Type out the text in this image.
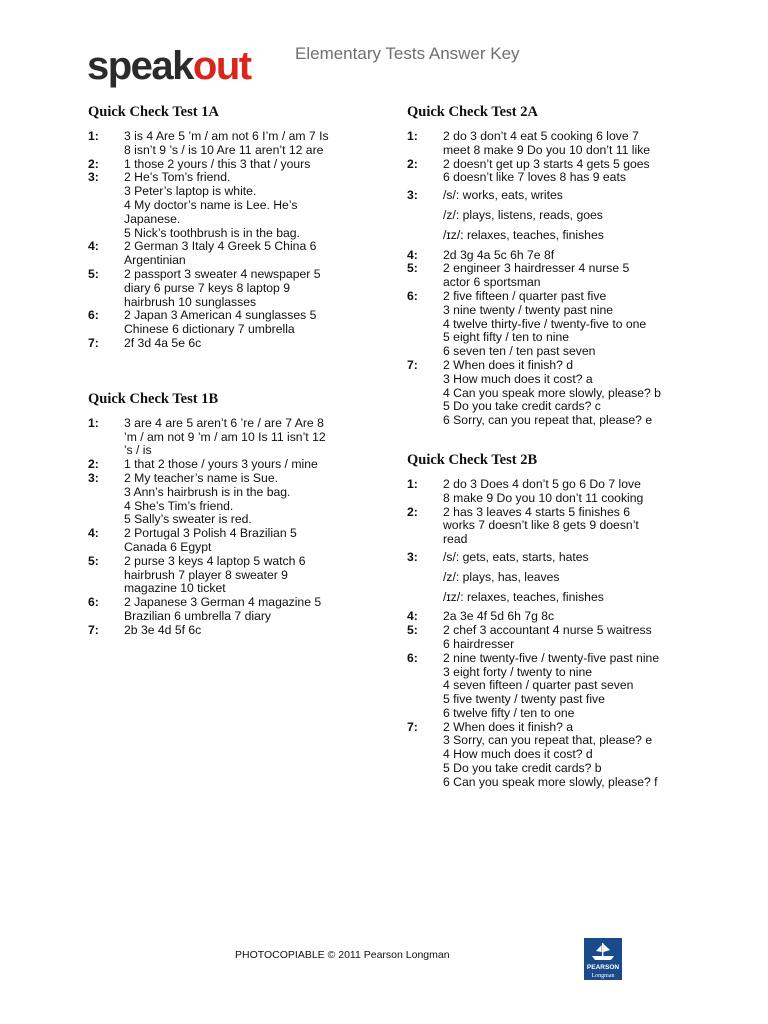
speakout	Elementary Tests Answer Key
Quick Check Test 1A
1:	3 is 4 Are 5 ’m / am not 6 I’m / am 7 Is
8 isn’t 9 ’s / is 10 Are 11 aren’t 12 are
2:	1 those 2 yours / this 3 that / yours
3:	2 He’s Tom’s friend.
3 Peter’s laptop is white.
4 My doctor’s name is Lee. He’s
Japanese.
5 Nick’s toothbrush is in the bag.
4:	2 German 3 Italy 4 Greek 5 China 6
Argentinian
5:	2 passport 3 sweater 4 newspaper 5
diary 6 purse 7 keys 8 laptop 9
hairbrush 10 sunglasses
6:	2 Japan 3 American 4 sunglasses 5
Chinese 6 dictionary 7 umbrella
7:	2f 3d 4a 5e 6c
Quick Check Test 1B
1:	3 are 4 are 5 aren’t 6 ’re / are 7 Are 8
’m / am not 9 ’m / am 10 Is 11 isn’t 12
’s / is
2:	1 that 2 those / yours 3 yours / mine
3:	2 My teacher’s name is Sue.
3 Ann’s hairbrush is in the bag.
4 She’s Tim’s friend.
5 Sally’s sweater is red.
4:	2 Portugal 3 Polish 4 Brazilian 5
Canada 6 Egypt
5:	2 purse 3 keys 4 laptop 5 watch 6
hairbrush 7 player 8 sweater 9
magazine 10 ticket
6:	2 Japanese 3 German 4 magazine 5
Brazilian 6 umbrella 7 diary
7:	2b 3e 4d 5f 6c
Quick Check Test 2A
1:	2 do 3 don’t 4 eat 5 cooking 6 love 7
meet 8 make 9 Do you 10 don’t 11 like
2:	2 doesn’t get up 3 starts 4 gets 5 goes
6 doesn’t like 7 loves 8 has 9 eats
3:	/s/: works, eats, writes
/z/: plays, listens, reads, goes
/ɪz/: relaxes, teaches, finishes
4:	2d 3g 4a 5c 6h 7e 8f
5:	2 engineer 3 hairdresser 4 nurse 5
actor 6 sportsman
6:	2 five fifteen / quarter past five
3 nine twenty / twenty past nine
4 twelve thirty-five / twenty-five to one
5 eight fifty / ten to nine
6 seven ten / ten past seven
7:	2 When does it finish? d
3 How much does it cost? a
4 Can you speak more slowly, please? b
5 Do you take credit cards? c
6 Sorry, can you repeat that, please? e
Quick Check Test 2B
1:	2 do 3 Does 4 don’t 5 go 6 Do 7 love
8 make 9 Do you 10 don’t 11 cooking
2:	2 has 3 leaves 4 starts 5 finishes 6
works 7 doesn’t like 8 gets 9 doesn’t
read
3:	/s/: gets, eats, starts, hates
/z/: plays, has, leaves
/ɪz/: relaxes, teaches, finishes
4:	2a 3e 4f 5d 6h 7g 8c
5:	2 chef 3 accountant 4 nurse 5 waitress
6 hairdresser
6:	2 nine twenty-five / twenty-five past nine
3 eight forty / twenty to nine
4 seven fifteen / quarter past seven
5 five twenty / twenty past five
6 twelve fifty / ten to one
7:	2 When does it finish? a
3 Sorry, can you repeat that, please? e
4 How much does it cost? d
5 Do you take credit cards? b
6 Can you speak more slowly, please? f
PHOTOCOPIABLE © 2011 Pearson Longman
PEARSON
Longman
